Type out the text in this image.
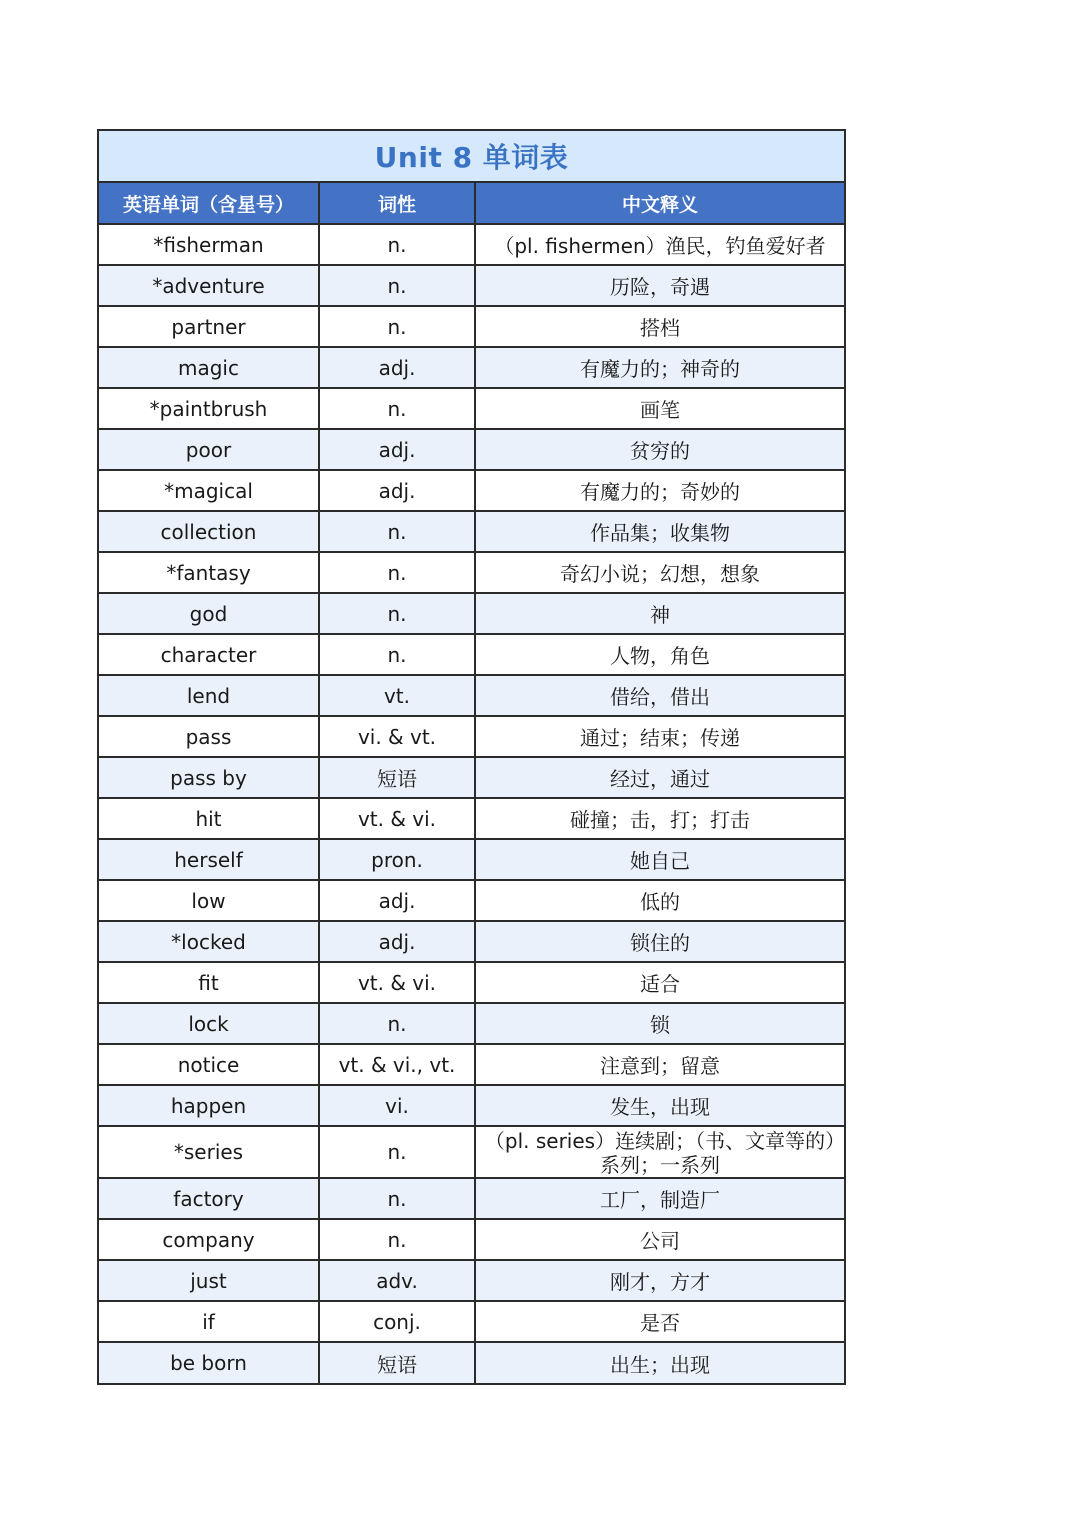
Unit 8 单词表
英语单词（含星号）	词性	中文释义
*fisherman	n.	（pl. fishermen）渔民，钓鱼爱好者
*adventure	n.	历险，奇遇
partner	n.	搭档
magic	adj.	有魔力的；神奇的
*paintbrush	n.	画笔
poor	adj.	贫穷的
*magical	adj.	有魔力的；奇妙的
collection	n.	作品集；收集物
*fantasy	n.	奇幻小说；幻想，想象
god	n.	神
character	n.	人物，角色
lend	vt.	借给，借出
pass	vi. & vt.	通过；结束；传递
pass by	短语	经过，通过
hit	vt. & vi.	碰撞；击，打；打击
herself	pron.	她自己
low	adj.	低的
*locked	adj.	锁住的
fit	vt. & vi.	适合
lock	n.	锁
notice	vt. & vi., vt.	注意到；留意
happen	vi.	发生，出现
*series	n.	（pl. series）连续剧；（书、文章等的）系列；一系列
factory	n.	工厂，制造厂
company	n.	公司
just	adv.	刚才，方才
if	conj.	是否
be born	短语	出生；出现
